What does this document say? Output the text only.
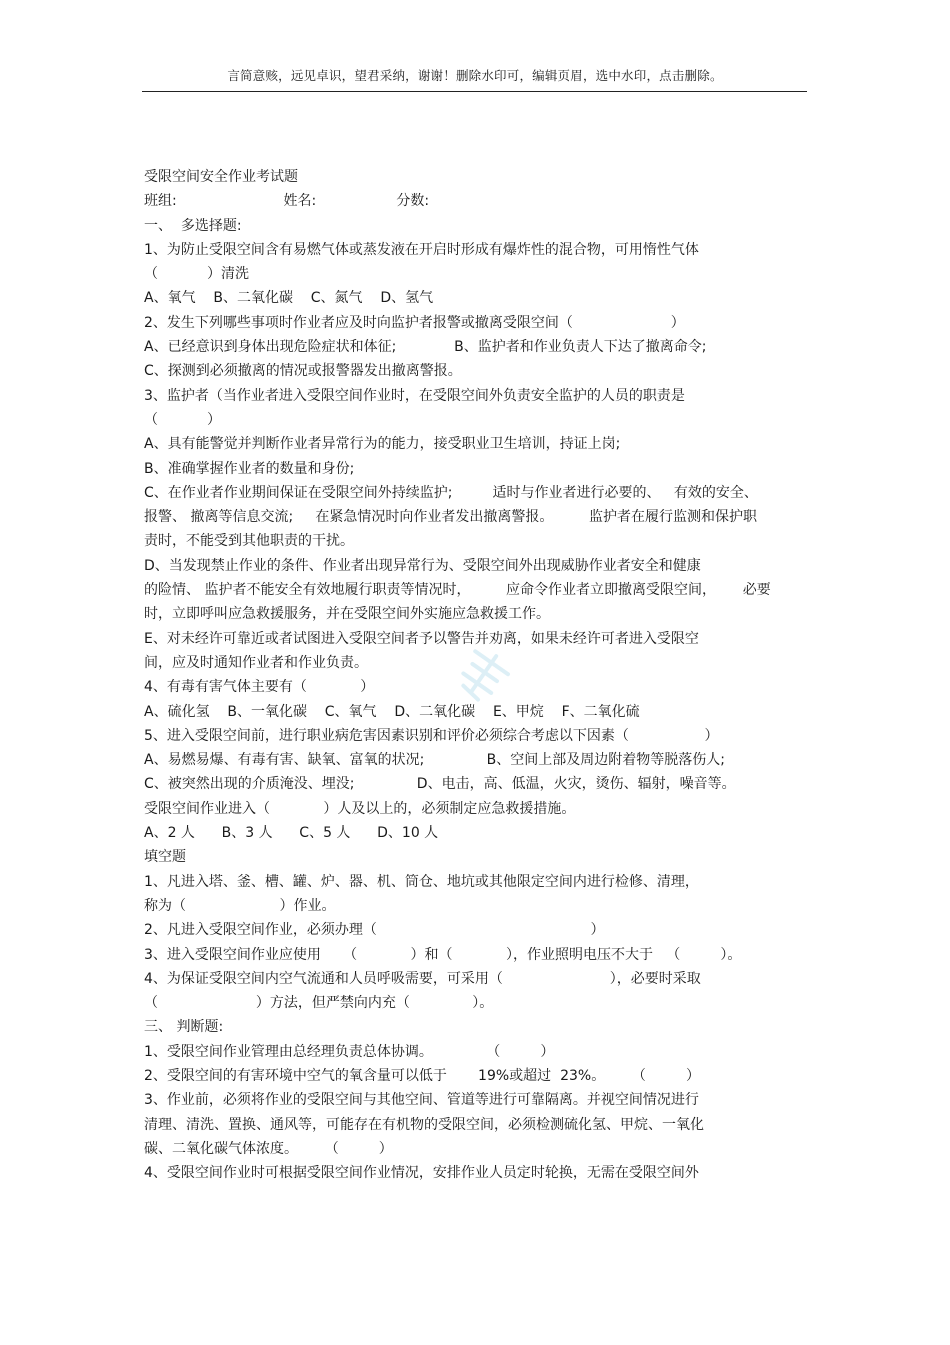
言简意赅，远见卓识，望君采纳，谢谢！删除水印可，编辑页眉，选中水印，点击删除。
受限空间安全作业考试题
班组:                        姓名:                  分数:
一、  多选择题:
1、为防止受限空间含有易燃气体或蒸发液在开启时形成有爆炸性的混合物，可用惰性气体
（           ）清洗
A、氧气    B、二氧化碳    C、氮气    D、氢气
2、发生下列哪些事项时作业者应及时向监护者报警或撤离受限空间（                      ）
A、已经意识到身体出现危险症状和体征;             B、监护者和作业负责人下达了撤离命令;
C、探测到必须撤离的情况或报警器发出撤离警报。
3、监护者（当作业者进入受限空间作业时，在受限空间外负责安全监护的人员的职责是
（           ）
A、具有能警觉并判断作业者异常行为的能力，接受职业卫生培训，持证上岗;
B、准确掌握作业者的数量和身份;
C、在作业者作业期间保证在受限空间外持续监护;         适时与作业者进行必要的、   有效的安全、
报警、 撤离等信息交流;     在紧急情况时向作业者发出撤离警报。        监护者在履行监测和保护职
责时，不能受到其他职责的干扰。
D、当发现禁止作业的条件、作业者出现异常行为、受限空间外出现威胁作业者安全和健康
的险情、 监护者不能安全有效地履行职责等情况时，        应命令作业者立即撤离受限空间，      必要
时，立即呼叫应急救援服务，并在受限空间外实施应急救援工作。
E、对未经许可靠近或者试图进入受限空间者予以警告并劝离，如果未经许可者进入受限空
间，应及时通知作业者和作业负责。
4、有毒有害气体主要有（            ）
A、硫化氢    B、一氧化碳    C、氧气    D、二氧化碳    E、甲烷    F、二氧化硫
5、进入受限空间前，进行职业病危害因素识别和评价必须综合考虑以下因素（                 ）
A、易燃易爆、有毒有害、缺氧、富氧的状况;              B、空间上部及周边附着物等脱落伤人;
C、被突然出现的介质淹没、埋没;              D、电击，高、低温，火灾，烫伤、辐射，噪音等。
受限空间作业进入（            ）人及以上的，必须制定应急救援措施。
A、2 人      B、3 人      C、5 人      D、10 人
填空题
1、凡进入塔、釜、槽、罐、炉、器、机、筒仓、地坑或其他限定空间内进行检修、清理，
称为（                     ）作业。
2、凡进入受限空间作业，必须办理（                                                ）
3、进入受限空间作业应使用     （            ）和（            ），作业照明电压不大于   （         ）。
4、为保证受限空间内空气流通和人员呼吸需要，可采用（                        ），必要时采取
（                      ）方法，但严禁向内充（              ）。
三、 判断题:
1、受限空间作业管理由总经理负责总体协调。            （         ）
2、受限空间的有害环境中空气的氧含量可以低于       19%或超过  23%。      （         ）
3、作业前，必须将作业的受限空间与其他空间、管道等进行可靠隔离。并视空间情况进行
清理、清洗、置换、通风等，可能存在有机物的受限空间，必须检测硫化氢、甲烷、一氧化
碳、二氧化碳气体浓度。      （         ）
4、受限空间作业时可根据受限空间作业情况，安排作业人员定时轮换，无需在受限空间外
